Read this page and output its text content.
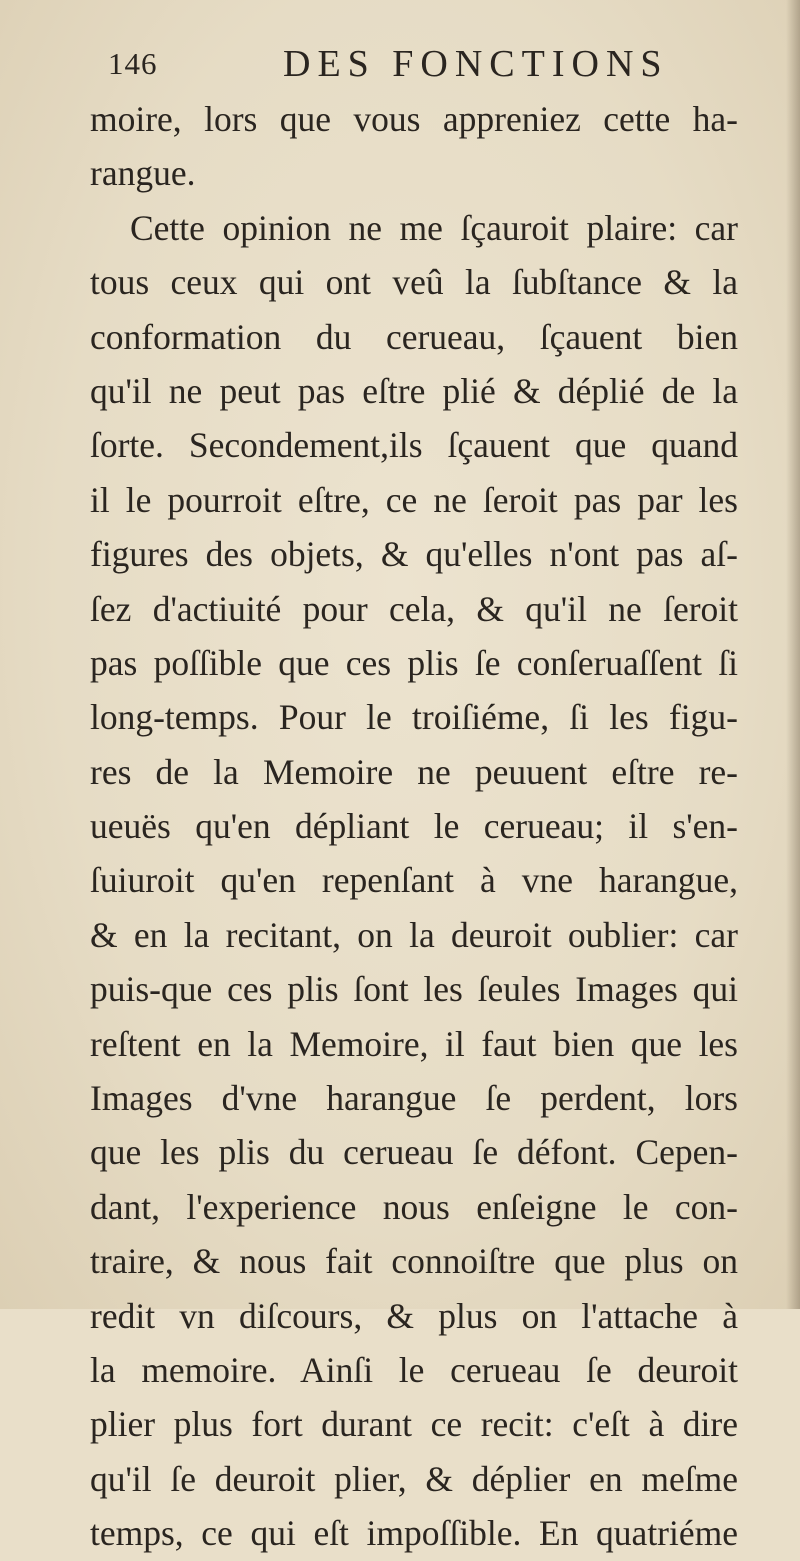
146	DES FONCTIONS
moire, lors que vous appreniez cette ha-
rangue.
Cette opinion ne me ſçauroit plaire: car
tous ceux qui ont veû la ſubſtance & la
conformation du cerueau, ſçauent bien
qu'il ne peut pas eſtre plié & déplié de la
ſorte. Secondement,ils ſçauent que quand
il le pourroit eſtre, ce ne ſeroit pas par les
figures des objets, & qu'elles n'ont pas aſ-
ſez d'actiuité pour cela, & qu'il ne ſeroit
pas poſſible que ces plis ſe conſeruaſſent ſi
long-temps. Pour le troiſiéme, ſi les figu-
res de la Memoire ne peuuent eſtre re-
ueuës qu'en dépliant le cerueau; il s'en-
ſuiuroit qu'en repenſant à vne harangue,
& en la recitant, on la deuroit oublier: car
puis-que ces plis ſont les ſeules Images qui
reſtent en la Memoire, il faut bien que les
Images d'vne harangue ſe perdent, lors
que les plis du cerueau ſe défont. Cepen-
dant, l'experience nous enſeigne le con-
traire, & nous fait connoiſtre que plus on
redit vn diſcours, & plus on l'attache à
la memoire. Ainſi le cerueau ſe deuroit
plier plus fort durant ce recit: c'eſt à dire
qu'il ſe deuroit plier, & déplier en meſme
temps, ce qui eſt impoſſible. En quatriéme
